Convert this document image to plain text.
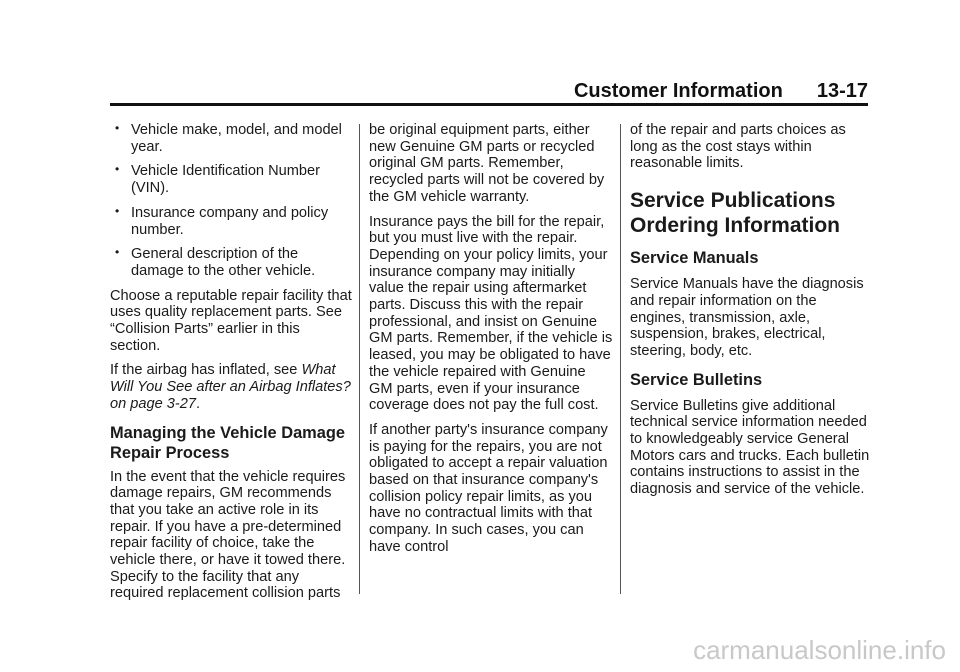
Customer Information 13-17
• Vehicle make, model, and model year.
• Vehicle Identification Number (VIN).
• Insurance company and policy number.
• General description of the damage to the other vehicle.

Choose a reputable repair facility that uses quality replacement parts. See “Collision Parts” earlier in this section.

If the airbag has inflated, see What Will You See after an Airbag Inflates? on page 3-27.

Managing the Vehicle Damage Repair Process

In the event that the vehicle requires damage repairs, GM recommends that you take an active role in its repair. If you have a pre-determined repair facility of choice, take the vehicle there, or have it towed there. Specify to the facility that any required replacement collision parts

be original equipment parts, either new Genuine GM parts or recycled original GM parts. Remember, recycled parts will not be covered by the GM vehicle warranty.

Insurance pays the bill for the repair, but you must live with the repair. Depending on your policy limits, your insurance company may initially value the repair using aftermarket parts. Discuss this with the repair professional, and insist on Genuine GM parts. Remember, if the vehicle is leased, you may be obligated to have the vehicle repaired with Genuine GM parts, even if your insurance coverage does not pay the full cost.

If another party's insurance company is paying for the repairs, you are not obligated to accept a repair valuation based on that insurance company's collision policy repair limits, as you have no contractual limits with that company. In such cases, you can have control

of the repair and parts choices as long as the cost stays within reasonable limits.

Service Publications Ordering Information
Service Manuals

Service Manuals have the diagnosis and repair information on the engines, transmission, axle, suspension, brakes, electrical, steering, body, etc.

Service Bulletins

Service Bulletins give additional technical service information needed to knowledgeably service General Motors cars and trucks. Each bulletin contains instructions to assist in the diagnosis and service of the vehicle.

carmanualsonline.info
